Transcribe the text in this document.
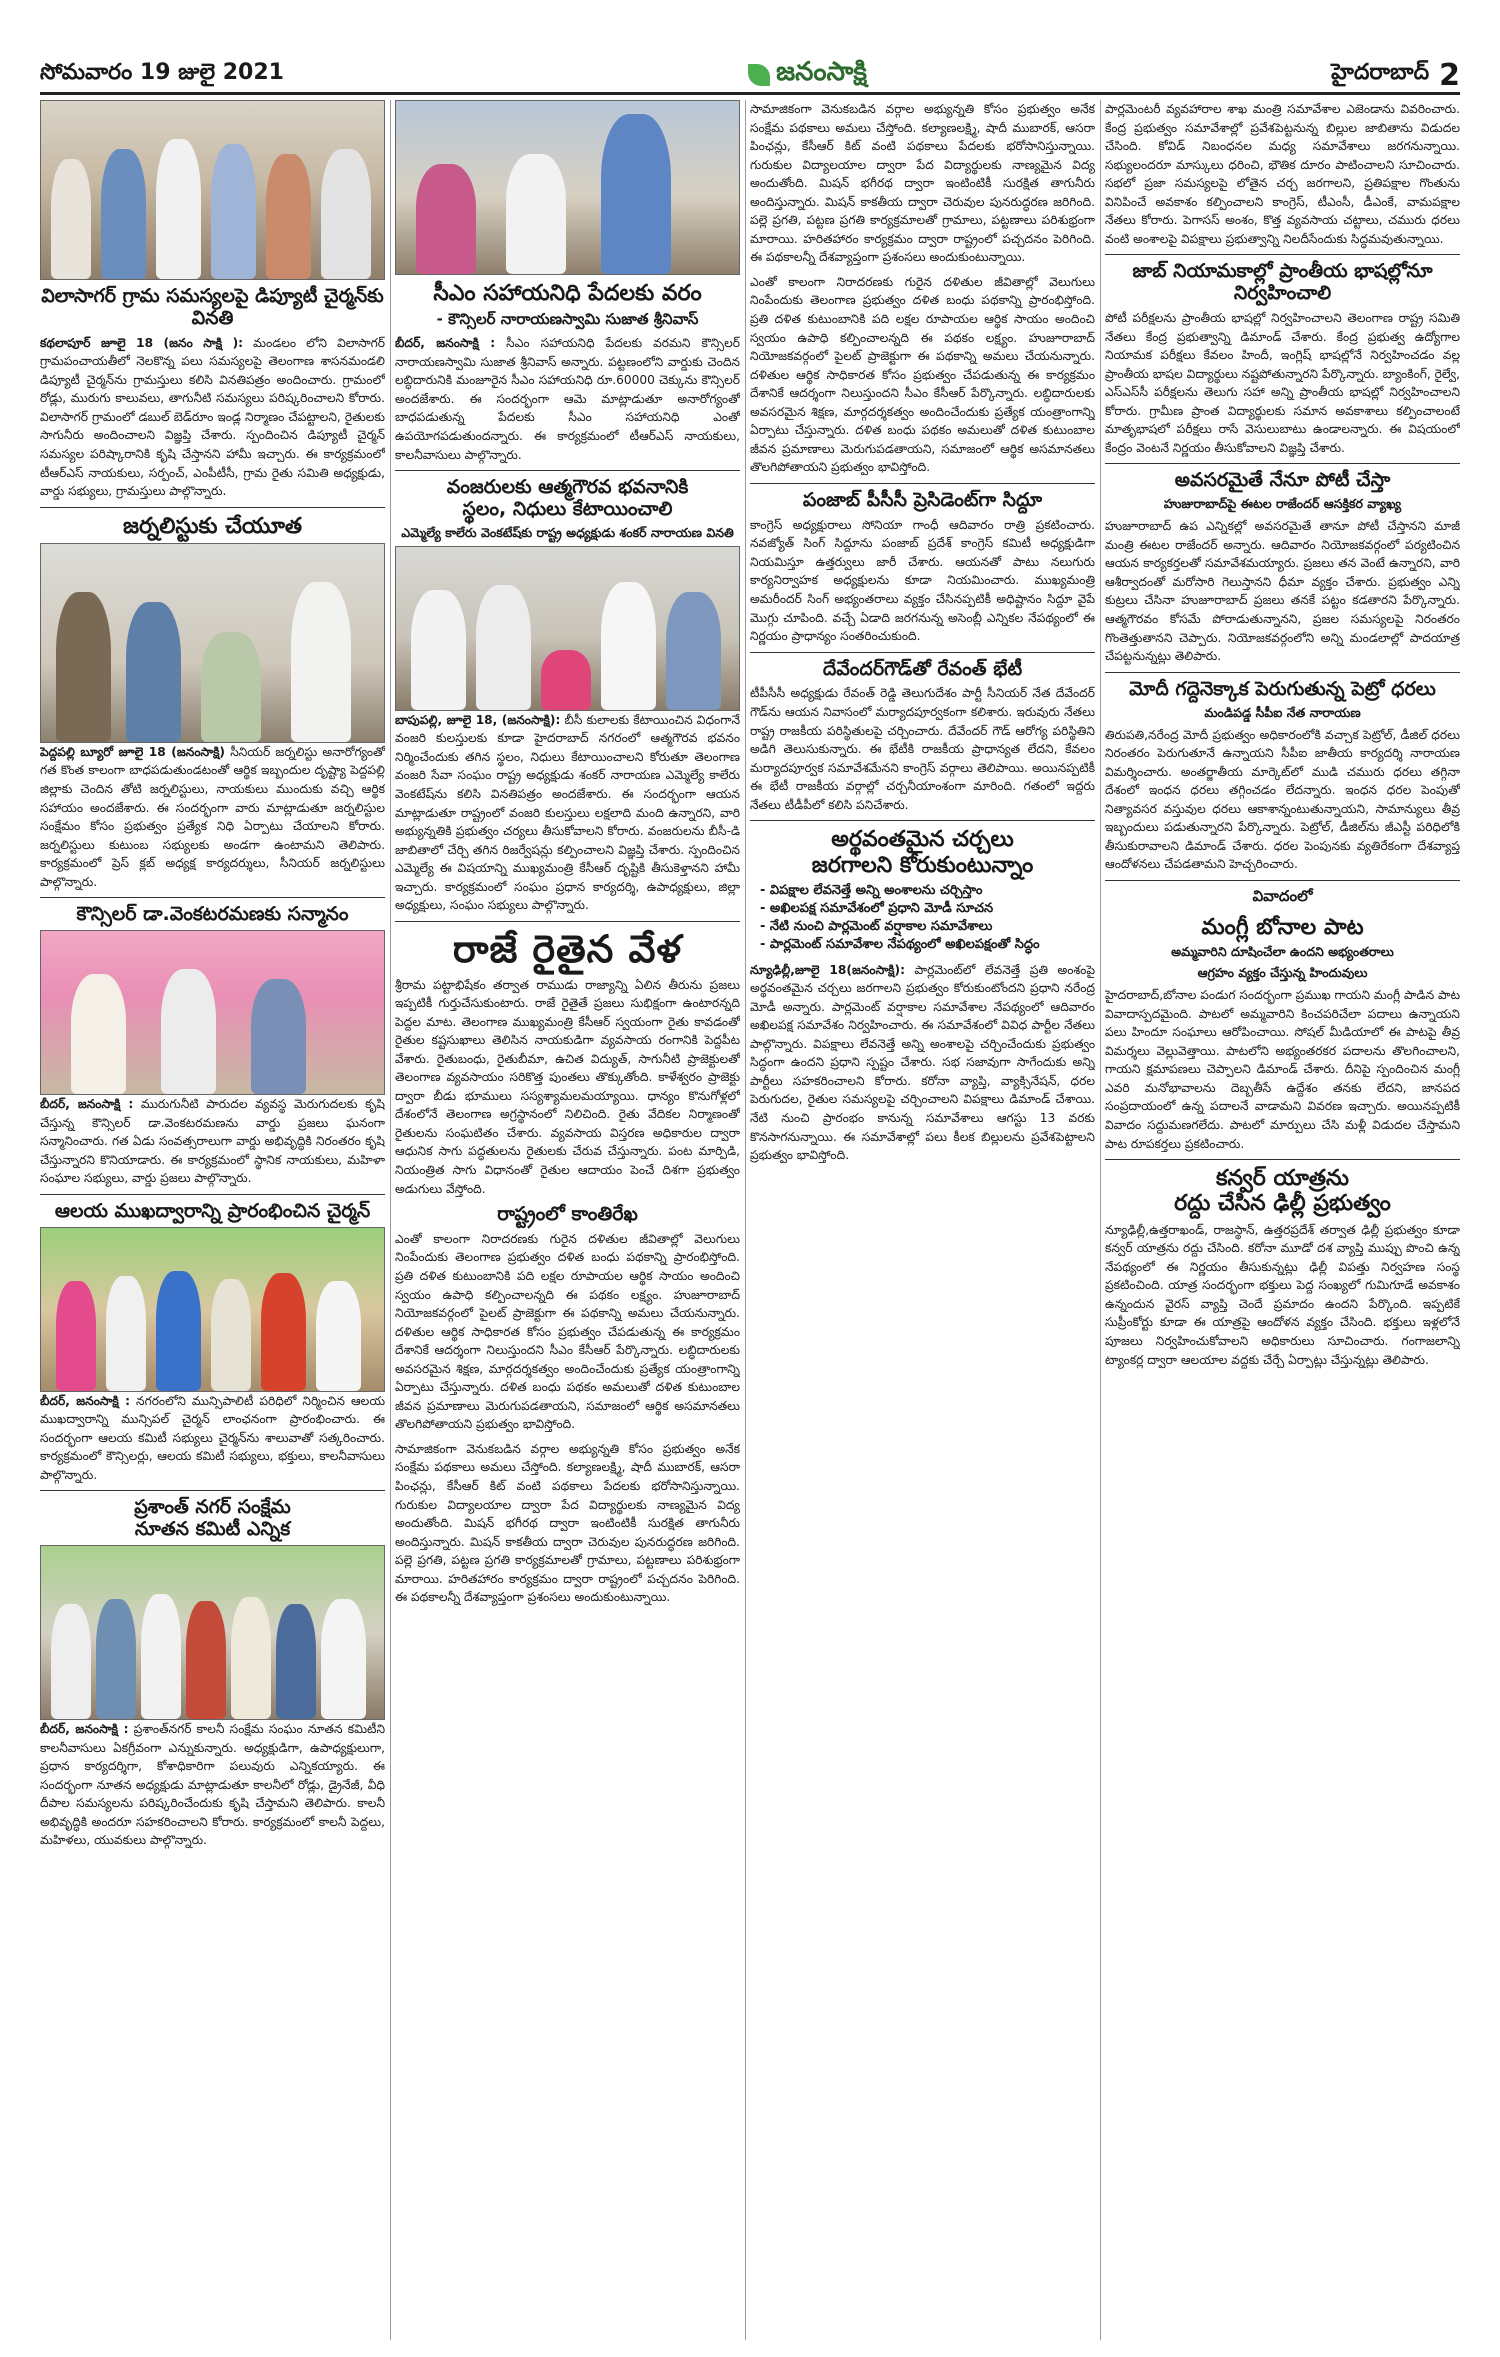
సోమవారం 19 జులై 2021	జనంసాక్షి	హైదరాబాద్ 2
విలాసాగర్ గ్రామ సమస్యలపై డిప్యూటీ చైర్మన్‌కు వినతి

కథలాపూర్ జూలై 18 (జనం సాక్షి ): మండలం లోని విలాసాగర్ గ్రామపంచాయతీలో నెలకొన్న పలు సమస్యలపై తెలంగాణ శాసనమండలి డిప్యూటీ చైర్మన్‌ను గ్రామస్తులు కలిసి వినతిపత్రం అందించారు. గ్రామంలో రోడ్లు, మురుగు కాలువలు, తాగునీటి సమస్యలు పరిష్కరించాలని కోరారు. విలాసాగర్ గ్రామంలో డబుల్ బెడ్‌రూం ఇండ్ల నిర్మాణం చేపట్టాలని, రైతులకు సాగునీరు అందించాలని విజ్ఞప్తి చేశారు. స్పందించిన డిప్యూటీ చైర్మన్ సమస్యల పరిష్కారానికి కృషి చేస్తానని హామీ ఇచ్చారు. ఈ కార్యక్రమంలో టీఆర్ఎస్ నాయకులు, సర్పంచ్, ఎంపీటీసీ, గ్రామ రైతు సమితి అధ్యక్షుడు, వార్డు సభ్యులు, గ్రామస్తులు పాల్గొన్నారు.

జర్నలిస్టుకు చేయూత

పెద్దపల్లి బ్యూరో జూలై 18 (జనంసాక్షి) సీనియర్ జర్నలిస్టు అనారోగ్యంతో గత కొంత కాలంగా బాధపడుతుండటంతో ఆర్థిక ఇబ్బందుల దృష్ట్యా పెద్దపల్లి జిల్లాకు చెందిన తోటి జర్నలిస్టులు, నాయకులు ముందుకు వచ్చి ఆర్థిక సహాయం అందజేశారు. ఈ సందర్భంగా వారు మాట్లాడుతూ జర్నలిస్టుల సంక్షేమం కోసం ప్రభుత్వం ప్రత్యేక నిధి ఏర్పాటు చేయాలని కోరారు. జర్నలిస్టులు కుటుంబ సభ్యులకు అండగా ఉంటామని తెలిపారు. కార్యక్రమంలో ప్రెస్ క్లబ్ అధ్యక్ష కార్యదర్శులు, సీనియర్ జర్నలిస్టులు పాల్గొన్నారు.

కౌన్సిలర్ డా.వెంకటరమణకు సన్మానం

బీదర్, జనంసాక్షి : మురుగునీటి పారుదల వ్యవస్థ మెరుగుదలకు కృషి చేస్తున్న కౌన్సిలర్ డా.వెంకటరమణను వార్డు ప్రజలు ఘనంగా సన్మానించారు. గత ఏడు సంవత్సరాలుగా వార్డు అభివృద్ధికి నిరంతరం కృషి చేస్తున్నారని కొనియాడారు. ఈ కార్యక్రమంలో స్థానిక నాయకులు, మహిళా సంఘాల సభ్యులు, వార్డు ప్రజలు పాల్గొన్నారు.

ఆలయ ముఖద్వారాన్ని ప్రారంభించిన చైర్మన్

బీదర్, జనంసాక్షి : నగరంలోని మున్సిపాలిటీ పరిధిలో నిర్మించిన ఆలయ ముఖద్వారాన్ని మున్సిపల్ చైర్మన్ లాంఛనంగా ప్రారంభించారు. ఈ సందర్భంగా ఆలయ కమిటీ సభ్యులు చైర్మన్‌ను శాలువాతో సత్కరించారు. కార్యక్రమంలో కౌన్సిలర్లు, ఆలయ కమిటీ సభ్యులు, భక్తులు, కాలనీవాసులు పాల్గొన్నారు.

ప్రశాంత్ నగర్ సంక్షేమ
నూతన కమిటీ ఎన్నిక

బీదర్, జనంసాక్షి : ప్రశాంత్‌నగర్ కాలనీ సంక్షేమ సంఘం నూతన కమిటీని కాలనీవాసులు ఏకగ్రీవంగా ఎన్నుకున్నారు. అధ్యక్షుడిగా, ఉపాధ్యక్షులుగా, ప్రధాన కార్యదర్శిగా, కోశాధికారిగా పలువురు ఎన్నికయ్యారు. ఈ సందర్భంగా నూతన అధ్యక్షుడు మాట్లాడుతూ కాలనీలో రోడ్లు, డ్రైనేజీ, వీధి దీపాల సమస్యలను పరిష్కరించేందుకు కృషి చేస్తామని తెలిపారు. కాలనీ అభివృద్ధికి అందరూ సహకరించాలని కోరారు. కార్యక్రమంలో కాలనీ పెద్దలు, మహిళలు, యువకులు పాల్గొన్నారు.

సీఎం సహాయనిధి పేదలకు వరం
- కౌన్సిలర్ నారాయణస్వామి సుజాత శ్రీనివాస్

బీదర్, జనంసాక్షి : సీఎం సహాయనిధి పేదలకు వరమని కౌన్సిలర్ నారాయణస్వామి సుజాత శ్రీనివాస్ అన్నారు. పట్టణంలోని వార్డుకు చెందిన లబ్ధిదారునికి మంజూరైన సీఎం సహాయనిధి రూ.60000 చెక్కును కౌన్సిలర్ అందజేశారు. ఈ సందర్భంగా ఆమె మాట్లాడుతూ అనారోగ్యంతో బాధపడుతున్న పేదలకు సీఎం సహాయనిధి ఎంతో ఉపయోగపడుతుందన్నారు. ఈ కార్యక్రమంలో టీఆర్ఎస్ నాయకులు, కాలనీవాసులు పాల్గొన్నారు.

వంజరులకు ఆత్మగౌరవ భవనానికి
స్థలం, నిధులు కేటాయించాలి
ఎమ్మెల్యే కాలేరు వెంకటేష్‌కు రాష్ట్ర అధ్యక్షుడు శంకర్ నారాయణ వినతి

బాపుపల్లి, జూలై 18, (జనంసాక్షి): బీసీ కులాలకు కేటాయించిన విధంగానే వంజరి కులస్తులకు కూడా హైదరాబాద్ నగరంలో ఆత్మగౌరవ భవనం నిర్మించేందుకు తగిన స్థలం, నిధులు కేటాయించాలని కోరుతూ తెలంగాణ వంజరి సేవా సంఘం రాష్ట్ర అధ్యక్షుడు శంకర్ నారాయణ ఎమ్మెల్యే కాలేరు వెంకటేష్‌ను కలిసి వినతిపత్రం అందజేశారు. ఈ సందర్భంగా ఆయన మాట్లాడుతూ రాష్ట్రంలో వంజరి కులస్తులు లక్షలాది మంది ఉన్నారని, వారి అభ్యున్నతికి ప్రభుత్వం చర్యలు తీసుకోవాలని కోరారు. వంజరులను బీసీ-డి జాబితాలో చేర్చి తగిన రిజర్వేషన్లు కల్పించాలని విజ్ఞప్తి చేశారు. స్పందించిన ఎమ్మెల్యే ఈ విషయాన్ని ముఖ్యమంత్రి కేసీఆర్ దృష్టికి తీసుకెళ్తానని హామీ ఇచ్చారు. కార్యక్రమంలో సంఘం ప్రధాన కార్యదర్శి, ఉపాధ్యక్షులు, జిల్లా అధ్యక్షులు, సంఘం సభ్యులు పాల్గొన్నారు.

రాజే రైతైన వేళ

శ్రీరామ పట్టాభిషేకం తర్వాత రాముడు రాజ్యాన్ని ఏలిన తీరును ప్రజలు ఇప్పటికీ గుర్తుచేసుకుంటారు. రాజే రైతైతే ప్రజలు సుభిక్షంగా ఉంటారన్నది పెద్దల మాట. తెలంగాణ ముఖ్యమంత్రి కేసీఆర్ స్వయంగా రైతు కావడంతో రైతుల కష్టసుఖాలు తెలిసిన నాయకుడిగా వ్యవసాయ రంగానికి పెద్దపీట వేశారు. రైతుబంధు, రైతుబీమా, ఉచిత విద్యుత్, సాగునీటి ప్రాజెక్టులతో తెలంగాణ వ్యవసాయం సరికొత్త పుంతలు తొక్కుతోంది. కాళేశ్వరం ప్రాజెక్టు ద్వారా బీడు భూములు సస్యశ్యామలమయ్యాయి. ధాన్యం కొనుగోళ్లలో దేశంలోనే తెలంగాణ అగ్రస్థానంలో నిలిచింది. రైతు వేదికల నిర్మాణంతో రైతులను సంఘటితం చేశారు. వ్యవసాయ విస్తరణ అధికారుల ద్వారా ఆధునిక సాగు పద్ధతులను రైతులకు చేరువ చేస్తున్నారు. పంట మార్పిడి, నియంత్రిత సాగు విధానంతో రైతుల ఆదాయం పెంచే దిశగా ప్రభుత్వం అడుగులు వేస్తోంది.

రాష్ట్రంలో కాంతిరేఖ

ఎంతో కాలంగా నిరాదరణకు గురైన దళితుల జీవితాల్లో వెలుగులు నింపేందుకు తెలంగాణ ప్రభుత్వం దళిత బంధు పథకాన్ని ప్రారంభిస్తోంది. ప్రతి దళిత కుటుంబానికి పది లక్షల రూపాయల ఆర్థిక సాయం అందించి స్వయం ఉపాధి కల్పించాలన్నది ఈ పథకం లక్ష్యం. హుజూరాబాద్ నియోజకవర్గంలో పైలట్ ప్రాజెక్టుగా ఈ పథకాన్ని అమలు చేయనున్నారు. దళితుల ఆర్థిక సాధికారత కోసం ప్రభుత్వం చేపడుతున్న ఈ కార్యక్రమం దేశానికే ఆదర్శంగా నిలుస్తుందని సీఎం కేసీఆర్ పేర్కొన్నారు. లబ్ధిదారులకు అవసరమైన శిక్షణ, మార్గదర్శకత్వం అందించేందుకు ప్రత్యేక యంత్రాంగాన్ని ఏర్పాటు చేస్తున్నారు. దళిత బంధు పథకం అమలుతో దళిత కుటుంబాల జీవన ప్రమాణాలు మెరుగుపడతాయని, సమాజంలో ఆర్థిక అసమానతలు తొలగిపోతాయని ప్రభుత్వం భావిస్తోంది.

సామాజికంగా వెనుకబడిన వర్గాల అభ్యున్నతి కోసం ప్రభుత్వం అనేక సంక్షేమ పథకాలు అమలు చేస్తోంది. కల్యాణలక్ష్మి, షాదీ ముబారక్, ఆసరా పింఛన్లు, కేసీఆర్ కిట్ వంటి పథకాలు పేదలకు భరోసానిస్తున్నాయి. గురుకుల విద్యాలయాల ద్వారా పేద విద్యార్థులకు నాణ్యమైన విద్య అందుతోంది. మిషన్ భగీరథ ద్వారా ఇంటింటికీ సురక్షిత తాగునీరు అందిస్తున్నారు. మిషన్ కాకతీయ ద్వారా చెరువుల పునరుద్ధరణ జరిగింది. పల్లె ప్రగతి, పట్టణ ప్రగతి కార్యక్రమాలతో గ్రామాలు, పట్టణాలు పరిశుభ్రంగా మారాయి. హరితహారం కార్యక్రమం ద్వారా రాష్ట్రంలో పచ్చదనం పెరిగింది. ఈ పథకాలన్నీ దేశవ్యాప్తంగా ప్రశంసలు అందుకుంటున్నాయి.

సామాజికంగా వెనుకబడిన వర్గాల అభ్యున్నతి కోసం ప్రభుత్వం అనేక సంక్షేమ పథకాలు అమలు చేస్తోంది. కల్యాణలక్ష్మి, షాదీ ముబారక్, ఆసరా పింఛన్లు, కేసీఆర్ కిట్ వంటి పథకాలు పేదలకు భరోసానిస్తున్నాయి. గురుకుల విద్యాలయాల ద్వారా పేద విద్యార్థులకు నాణ్యమైన విద్య అందుతోంది. మిషన్ భగీరథ ద్వారా ఇంటింటికీ సురక్షిత తాగునీరు అందిస్తున్నారు. మిషన్ కాకతీయ ద్వారా చెరువుల పునరుద్ధరణ జరిగింది. పల్లె ప్రగతి, పట్టణ ప్రగతి కార్యక్రమాలతో గ్రామాలు, పట్టణాలు పరిశుభ్రంగా మారాయి. హరితహారం కార్యక్రమం ద్వారా రాష్ట్రంలో పచ్చదనం పెరిగింది. ఈ పథకాలన్నీ దేశవ్యాప్తంగా ప్రశంసలు అందుకుంటున్నాయి.

ఎంతో కాలంగా నిరాదరణకు గురైన దళితుల జీవితాల్లో వెలుగులు నింపేందుకు తెలంగాణ ప్రభుత్వం దళిత బంధు పథకాన్ని ప్రారంభిస్తోంది. ప్రతి దళిత కుటుంబానికి పది లక్షల రూపాయల ఆర్థిక సాయం అందించి స్వయం ఉపాధి కల్పించాలన్నది ఈ పథకం లక్ష్యం. హుజూరాబాద్ నియోజకవర్గంలో పైలట్ ప్రాజెక్టుగా ఈ పథకాన్ని అమలు చేయనున్నారు. దళితుల ఆర్థిక సాధికారత కోసం ప్రభుత్వం చేపడుతున్న ఈ కార్యక్రమం దేశానికే ఆదర్శంగా నిలుస్తుందని సీఎం కేసీఆర్ పేర్కొన్నారు. లబ్ధిదారులకు అవసరమైన శిక్షణ, మార్గదర్శకత్వం అందించేందుకు ప్రత్యేక యంత్రాంగాన్ని ఏర్పాటు చేస్తున్నారు. దళిత బంధు పథకం అమలుతో దళిత కుటుంబాల జీవన ప్రమాణాలు మెరుగుపడతాయని, సమాజంలో ఆర్థిక అసమానతలు తొలగిపోతాయని ప్రభుత్వం భావిస్తోంది.

పంజాబ్ పీసీసీ ప్రెసిడెంట్‌గా సిద్దూ

కాంగ్రెస్ అధ్యక్షురాలు సోనియా గాంధీ ఆదివారం రాత్రి ప్రకటించారు. నవజ్యోత్ సింగ్ సిద్దూను పంజాబ్ ప్రదేశ్ కాంగ్రెస్ కమిటీ అధ్యక్షుడిగా నియమిస్తూ ఉత్తర్వులు జారీ చేశారు. ఆయనతో పాటు నలుగురు కార్యనిర్వాహక అధ్యక్షులను కూడా నియమించారు. ముఖ్యమంత్రి అమరీందర్ సింగ్ అభ్యంతరాలు వ్యక్తం చేసినప్పటికీ అధిష్టానం సిద్దూ వైపే మొగ్గు చూపింది. వచ్చే ఏడాది జరగనున్న అసెంబ్లీ ఎన్నికల నేపథ్యంలో ఈ నిర్ణయం ప్రాధాన్యం సంతరించుకుంది.

దేవేందర్‌గౌడ్‌తో రేవంత్ భేటీ

టీపీసీసీ అధ్యక్షుడు రేవంత్ రెడ్డి తెలుగుదేశం పార్టీ సీనియర్ నేత దేవేందర్ గౌడ్‌ను ఆయన నివాసంలో మర్యాదపూర్వకంగా కలిశారు. ఇరువురు నేతలు రాష్ట్ర రాజకీయ పరిస్థితులపై చర్చించారు. దేవేందర్ గౌడ్ ఆరోగ్య పరిస్థితిని అడిగి తెలుసుకున్నారు. ఈ భేటీకి రాజకీయ ప్రాధాన్యత లేదని, కేవలం మర్యాదపూర్వక సమావేశమేనని కాంగ్రెస్ వర్గాలు తెలిపాయి. అయినప్పటికీ ఈ భేటీ రాజకీయ వర్గాల్లో చర్చనీయాంశంగా మారింది. గతంలో ఇద్దరు నేతలు టీడీపీలో కలిసి పనిచేశారు.

అర్థవంతమైన చర్చలు
జరగాలని కోరుకుంటున్నాం
- విపక్షాల లేవనెత్తే అన్ని అంశాలను చర్చిస్తాం
- అఖిలపక్ష సమావేశంలో ప్రధాని మోడీ సూచన
- నేటి నుంచి పార్లమెంట్ వర్షాకాల సమావేశాలు
- పార్లమెంట్ సమావేశాల నేపథ్యంలో అఖిలపక్షంతో సిద్ధం

న్యూఢిల్లీ,జూలై 18(జనంసాక్షి): పార్లమెంట్‌లో లేవనెత్తే ప్రతి అంశంపై అర్థవంతమైన చర్చలు జరగాలని ప్రభుత్వం కోరుకుంటోందని ప్రధాని నరేంద్ర మోడీ అన్నారు. పార్లమెంట్ వర్షాకాల సమావేశాల నేపథ్యంలో ఆదివారం అఖిలపక్ష సమావేశం నిర్వహించారు. ఈ సమావేశంలో వివిధ పార్టీల నేతలు పాల్గొన్నారు. విపక్షాలు లేవనెత్తే అన్ని అంశాలపై చర్చించేందుకు ప్రభుత్వం సిద్ధంగా ఉందని ప్రధాని స్పష్టం చేశారు. సభ సజావుగా సాగేందుకు అన్ని పార్టీలు సహకరించాలని కోరారు. కరోనా వ్యాప్తి, వ్యాక్సినేషన్, ధరల పెరుగుదల, రైతుల సమస్యలపై చర్చించాలని విపక్షాలు డిమాండ్ చేశాయి. నేటి నుంచి ప్రారంభం కానున్న సమావేశాలు ఆగస్టు 13 వరకు కొనసాగనున్నాయి. ఈ సమావేశాల్లో పలు కీలక బిల్లులను ప్రవేశపెట్టాలని ప్రభుత్వం భావిస్తోంది.

పార్లమెంటరీ వ్యవహారాల శాఖ మంత్రి సమావేశాల ఎజెండాను వివరించారు. కేంద్ర ప్రభుత్వం సమావేశాల్లో ప్రవేశపెట్టనున్న బిల్లుల జాబితాను విడుదల చేసింది. కోవిడ్ నిబంధనల మధ్య సమావేశాలు జరగనున్నాయి. సభ్యులందరూ మాస్కులు ధరించి, భౌతిక దూరం పాటించాలని సూచించారు. సభలో ప్రజా సమస్యలపై లోతైన చర్చ జరగాలని, ప్రతిపక్షాల గొంతును వినిపించే అవకాశం కల్పించాలని కాంగ్రెస్, టీఎంసీ, డీఎంకే, వామపక్షాల నేతలు కోరారు. పెగాసస్ అంశం, కొత్త వ్యవసాయ చట్టాలు, చమురు ధరలు వంటి అంశాలపై విపక్షాలు ప్రభుత్వాన్ని నిలదీసేందుకు సిద్ధమవుతున్నాయి.

జాబ్ నియామకాల్లో ప్రాంతీయ భాషల్లోనూ నిర్వహించాలి

పోటీ పరీక్షలను ప్రాంతీయ భాషల్లో నిర్వహించాలని తెలంగాణ రాష్ట్ర సమితి నేతలు కేంద్ర ప్రభుత్వాన్ని డిమాండ్ చేశారు. కేంద్ర ప్రభుత్వ ఉద్యోగాల నియామక పరీక్షలు కేవలం హిందీ, ఇంగ్లిష్ భాషల్లోనే నిర్వహించడం వల్ల ప్రాంతీయ భాషల విద్యార్థులు నష్టపోతున్నారని పేర్కొన్నారు. బ్యాంకింగ్, రైల్వే, ఎస్‌ఎస్‌సీ పరీక్షలను తెలుగు సహా అన్ని ప్రాంతీయ భాషల్లో నిర్వహించాలని కోరారు. గ్రామీణ ప్రాంత విద్యార్థులకు సమాన అవకాశాలు కల్పించాలంటే మాతృభాషలో పరీక్షలు రాసే వెసులుబాటు ఉండాలన్నారు. ఈ విషయంలో కేంద్రం వెంటనే నిర్ణయం తీసుకోవాలని విజ్ఞప్తి చేశారు.

అవసరమైతే నేనూ పోటీ చేస్తా
హుజురాబాద్‌పై ఈటల రాజేందర్ ఆసక్తికర వ్యాఖ్య

హుజూరాబాద్ ఉప ఎన్నికల్లో అవసరమైతే తానూ పోటీ చేస్తానని మాజీ మంత్రి ఈటల రాజేందర్ అన్నారు. ఆదివారం నియోజకవర్గంలో పర్యటించిన ఆయన కార్యకర్తలతో సమావేశమయ్యారు. ప్రజలు తన వెంటే ఉన్నారని, వారి ఆశీర్వాదంతో మరోసారి గెలుస్తానని ధీమా వ్యక్తం చేశారు. ప్రభుత్వం ఎన్ని కుట్రలు చేసినా హుజూరాబాద్ ప్రజలు తనకే పట్టం కడతారని పేర్కొన్నారు. ఆత్మగౌరవం కోసమే పోరాడుతున్నానని, ప్రజల సమస్యలపై నిరంతరం గొంతెత్తుతానని చెప్పారు. నియోజకవర్గంలోని అన్ని మండలాల్లో పాదయాత్ర చేపట్టనున్నట్లు తెలిపారు.

మోదీ గద్దెనెక్కాక పెరుగుతున్న పెట్రో ధరలు
మండిపడ్డ సీపీఐ నేత నారాయణ

తిరుపతి,నరేంద్ర మోదీ ప్రభుత్వం అధికారంలోకి వచ్చాక పెట్రోల్, డీజిల్ ధరలు నిరంతరం పెరుగుతూనే ఉన్నాయని సీపీఐ జాతీయ కార్యదర్శి నారాయణ విమర్శించారు. అంతర్జాతీయ మార్కెట్‌లో ముడి చమురు ధరలు తగ్గినా దేశంలో ఇంధన ధరలు తగ్గించడం లేదన్నారు. ఇంధన ధరల పెంపుతో నిత్యావసర వస్తువుల ధరలు ఆకాశాన్నంటుతున్నాయని, సామాన్యులు తీవ్ర ఇబ్బందులు పడుతున్నారని పేర్కొన్నారు. పెట్రోల్, డీజిల్‌ను జీఎస్టీ పరిధిలోకి తీసుకురావాలని డిమాండ్ చేశారు. ధరల పెంపునకు వ్యతిరేకంగా దేశవ్యాప్త ఆందోళనలు చేపడతామని హెచ్చరించారు.

వివాదంలో
మంగ్లీ బోనాల పాట
అమ్మవారిని దూషించేలా ఉందని అభ్యంతరాలు
ఆగ్రహం వ్యక్తం చేస్తున్న హిందువులు

హైదరాబాద్,బోనాల పండుగ సందర్భంగా ప్రముఖ గాయని మంగ్లీ పాడిన పాట వివాదాస్పదమైంది. పాటలో అమ్మవారిని కించపరిచేలా పదాలు ఉన్నాయని పలు హిందూ సంఘాలు ఆరోపించాయి. సోషల్ మీడియాలో ఈ పాటపై తీవ్ర విమర్శలు వెల్లువెత్తాయి. పాటలోని అభ్యంతరకర పదాలను తొలగించాలని, గాయని క్షమాపణలు చెప్పాలని డిమాండ్ చేశారు. దీనిపై స్పందించిన మంగ్లీ ఎవరి మనోభావాలను దెబ్బతీసే ఉద్దేశం తనకు లేదని, జానపద సంప్రదాయంలో ఉన్న పదాలనే వాడామని వివరణ ఇచ్చారు. అయినప్పటికీ వివాదం సద్దుమణగలేదు. పాటలో మార్పులు చేసి మళ్లీ విడుదల చేస్తామని పాట రూపకర్తలు ప్రకటించారు.

కన్వర్ యాత్రను
రద్దు చేసిన ఢిల్లీ ప్రభుత్వం

న్యూఢిల్లీ,ఉత్తరాఖండ్, రాజస్థాన్, ఉత్తరప్రదేశ్ తర్వాత ఢిల్లీ ప్రభుత్వం కూడా కన్వర్ యాత్రను రద్దు చేసింది. కరోనా మూడో దశ వ్యాప్తి ముప్పు పొంచి ఉన్న నేపథ్యంలో ఈ నిర్ణయం తీసుకున్నట్లు ఢిల్లీ విపత్తు నిర్వహణ సంస్థ ప్రకటించింది. యాత్ర సందర్భంగా భక్తులు పెద్ద సంఖ్యలో గుమిగూడే అవకాశం ఉన్నందున వైరస్ వ్యాప్తి చెందే ప్రమాదం ఉందని పేర్కొంది. ఇప్పటికే సుప్రీంకోర్టు కూడా ఈ యాత్రపై ఆందోళన వ్యక్తం చేసింది. భక్తులు ఇళ్లలోనే పూజలు నిర్వహించుకోవాలని అధికారులు సూచించారు. గంగాజలాన్ని ట్యాంకర్ల ద్వారా ఆలయాల వద్దకు చేర్చే ఏర్పాట్లు చేస్తున్నట్లు తెలిపారు.
